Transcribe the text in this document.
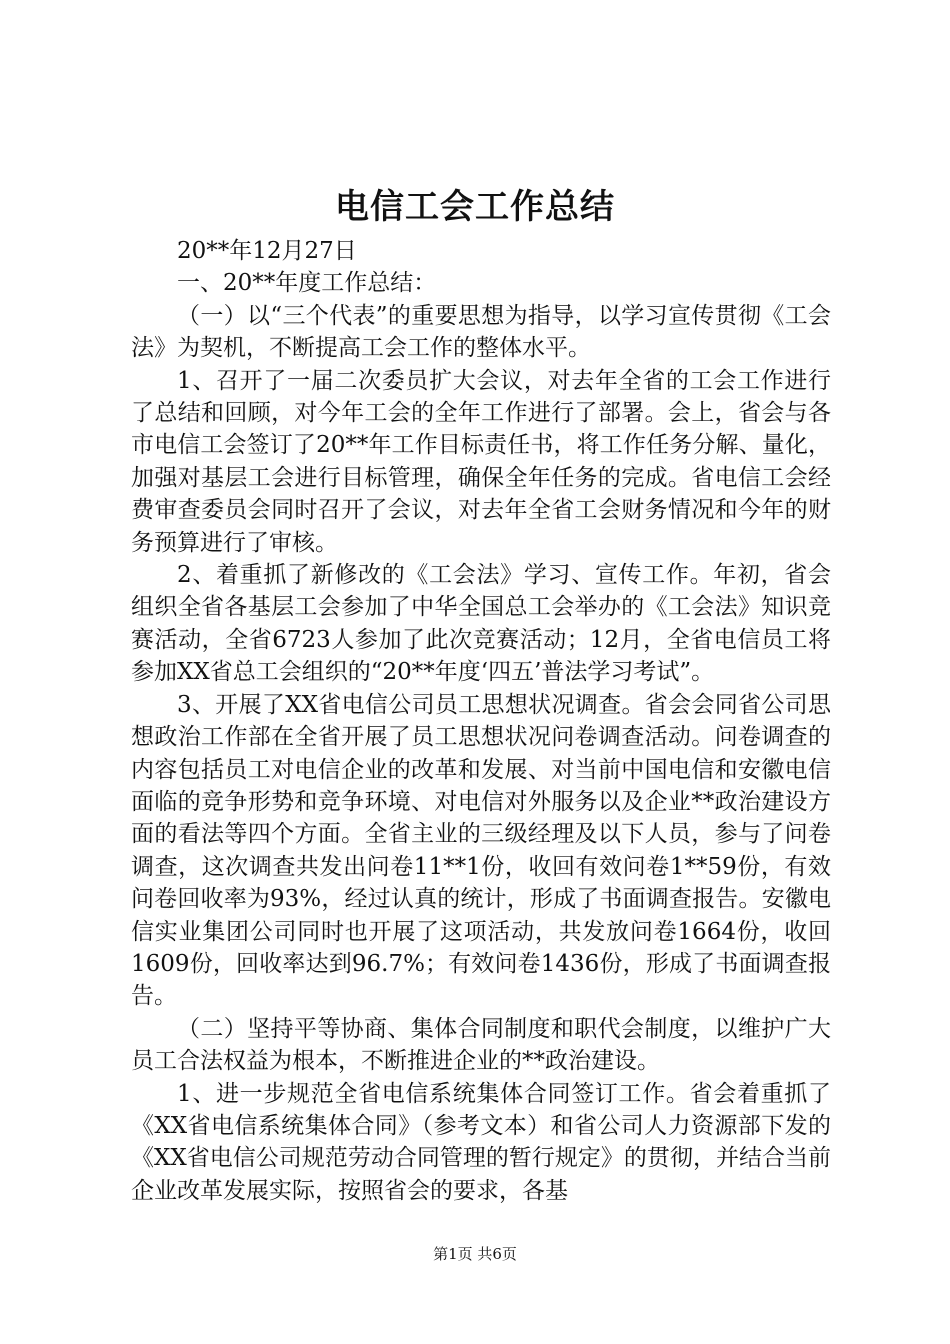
电信工会工作总结

20**年12月27日

一、20**年度工作总结：

（一）以“三个代表”的重要思想为指导，以学习宣传贯彻《工会法》为契机，不断提高工会工作的整体水平。

1、召开了一届二次委员扩大会议，对去年全省的工会工作进行了总结和回顾，对今年工会的全年工作进行了部署。会上，省会与各市电信工会签订了20**年工作目标责任书，将工作任务分解、量化，加强对基层工会进行目标管理，确保全年任务的完成。省电信工会经费审查委员会同时召开了会议，对去年全省工会财务情况和今年的财务预算进行了审核。

2、着重抓了新修改的《工会法》学习、宣传工作。年初，省会组织全省各基层工会参加了中华全国总工会举办的《工会法》知识竞赛活动，全省6723人参加了此次竞赛活动；12月，全省电信员工将参加XX省总工会组织的“20**年度‘四五’普法学习考试”。

3、开展了XX省电信公司员工思想状况调查。省会会同省公司思想政治工作部在全省开展了员工思想状况问卷调查活动。问卷调查的内容包括员工对电信企业的改革和发展、对当前中国电信和安徽电信面临的竞争形势和竞争环境、对电信对外服务以及企业**政治建设方面的看法等四个方面。全省主业的三级经理及以下人员，参与了问卷调查，这次调查共发出问卷11**1份，收回有效问卷1**59份，有效问卷回收率为93%，经过认真的统计，形成了书面调查报告。安徽电信实业集团公司同时也开展了这项活动，共发放问卷1664份，收回1609份，回收率达到96.7%；有效问卷1436份，形成了书面调查报告。

（二）坚持平等协商、集体合同制度和职代会制度，以维护广大员工合法权益为根本，不断推进企业的**政治建设。

1、进一步规范全省电信系统集体合同签订工作。省会着重抓了《XX省电信系统集体合同》（参考文本）和省公司人力资源部下发的《XX省电信公司规范劳动合同管理的暂行规定》的贯彻，并结合当前企业改革发展实际，按照省会的要求，各基

第1页 共6页
